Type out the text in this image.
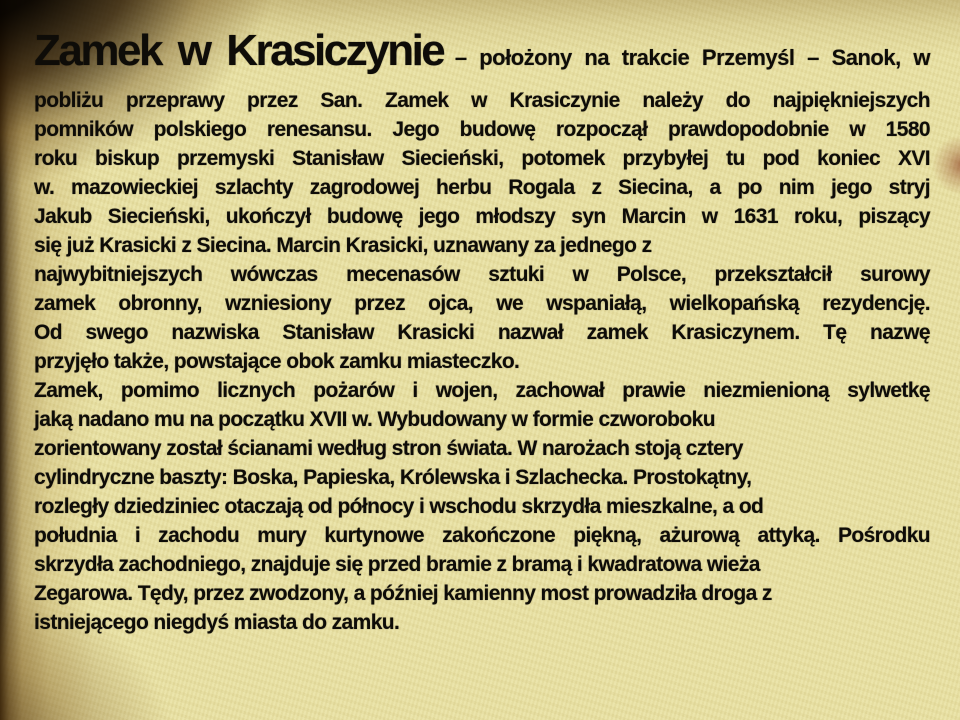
Zamek w Krasiczynie – położony na trakcie Przemyśl – Sanok, w
pobliżu przeprawy przez San. Zamek w Krasiczynie należy do najpiękniejszych
pomników polskiego renesansu. Jego budowę rozpoczął prawdopodobnie w 1580
roku biskup przemyski Stanisław Siecieński, potomek przybyłej tu pod koniec XVI
w. mazowieckiej szlachty zagrodowej herbu Rogala z Siecina, a po nim jego stryj
Jakub Siecieński, ukończył budowę jego młodszy syn Marcin w 1631 roku, piszący
się już Krasicki z Siecina. Marcin Krasicki, uznawany za jednego z
najwybitniejszych wówczas mecenasów sztuki w Polsce, przekształcił surowy
zamek obronny, wzniesiony przez ojca, we wspaniałą, wielkopańską rezydencję.
Od swego nazwiska Stanisław Krasicki nazwał zamek Krasiczynem. Tę nazwę
przyjęło także, powstające obok zamku miasteczko.
Zamek, pomimo licznych pożarów i wojen, zachował prawie niezmienioną sylwetkę
jaką nadano mu na początku XVII w. Wybudowany w formie czworoboku
zorientowany został ścianami według stron świata. W narożach stoją cztery
cylindryczne baszty: Boska, Papieska, Królewska i Szlachecka. Prostokątny,
rozległy dziedziniec otaczają od północy i wschodu skrzydła mieszkalne, a od
południa i zachodu mury kurtynowe zakończone piękną, ażurową attyką. Pośrodku
skrzydła zachodniego, znajduje się przed bramie z bramą i kwadratowa wieża
Zegarowa. Tędy, przez zwodzony, a później kamienny most prowadziła droga z
istniejącego niegdyś miasta do zamku.
